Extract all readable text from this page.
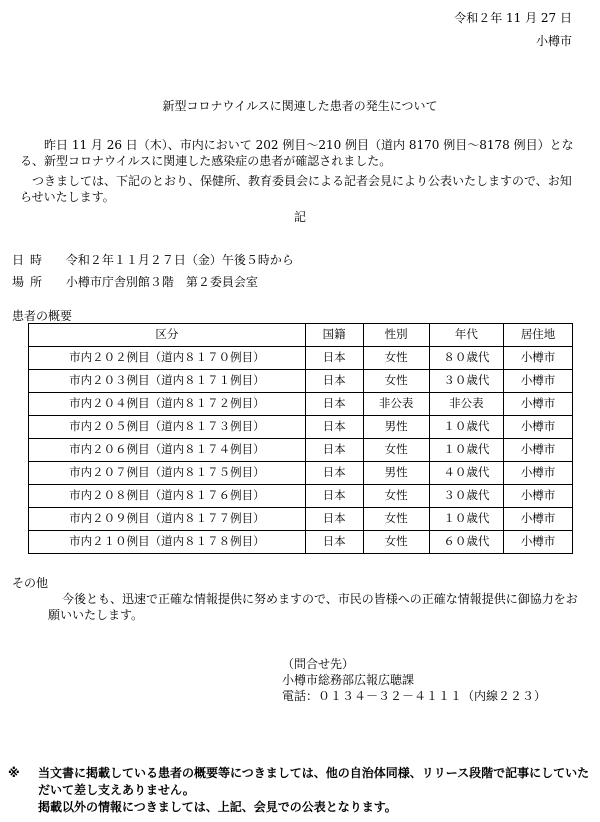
令和２年 11 月 27 日
小樽市
新型コロナウイルスに関連した患者の発生について
昨日 11 月 26 日（木）、市内において 202 例目～210 例目（道内 8170 例目～8178 例目）となる、新型コロナウイルスに関連した感染症の患者が確認されました。
つきましては、下記のとおり、保健所、教育委員会による記者会見により公表いたしますので、お知らせいたします。
記
日時 令和２年１１月２７日（金）午後５時から
場所 小樽市庁舎別館３階　第２委員会室
患者の概要
区分	国籍	性別	年代	居住地
市内２０２例目（道内８１７０例目）	日本	女性	８０歳代	小樽市
市内２０３例目（道内８１７１例目）	日本	女性	３０歳代	小樽市
市内２０４例目（道内８１７２例目）	日本	非公表	非公表	小樽市
市内２０５例目（道内８１７３例目）	日本	男性	１０歳代	小樽市
市内２０６例目（道内８１７４例目）	日本	女性	１０歳代	小樽市
市内２０７例目（道内８１７５例目）	日本	男性	４０歳代	小樽市
市内２０８例目（道内８１７６例目）	日本	女性	３０歳代	小樽市
市内２０９例目（道内８１７７例目）	日本	女性	１０歳代	小樽市
市内２１０例目（道内８１７８例目）	日本	女性	６０歳代	小樽市
その他
今後とも、迅速で正確な情報提供に努めますので、市民の皆様への正確な情報提供に御協力をお願いいたします。
（問合せ先）
小樽市総務部広報広聴課
電話：０１３４－３２－４１１１（内線２２３）
※ 当文書に掲載している患者の概要等につきましては、他の自治体同様、リリース段階で記事にしていただいて差し支えありません。
掲載以外の情報につきましては、上記、会見での公表となります。
